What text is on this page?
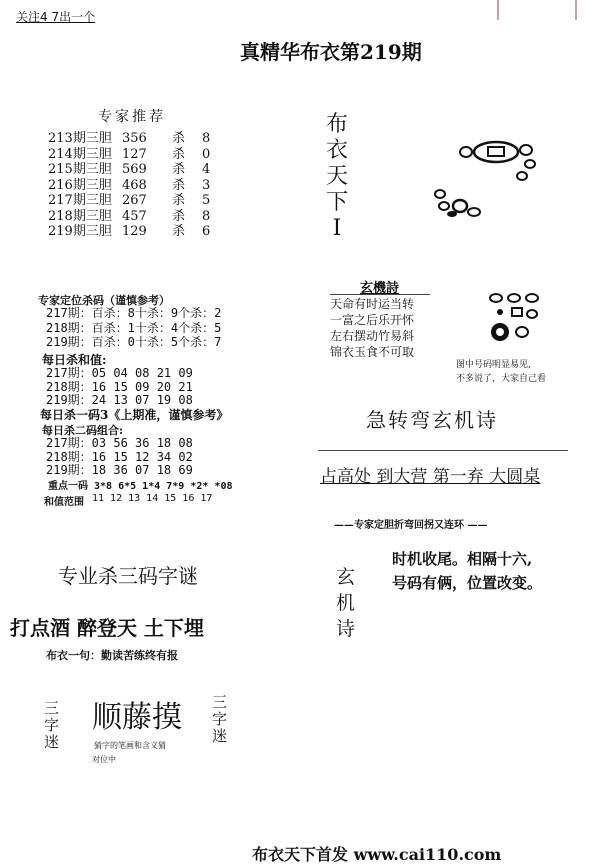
关注4 7出一个
真精华布衣第219期
专家推荐
213期三胆 356 杀 8
214期三胆 127 杀 0
215期三胆 569 杀 4
216期三胆 468 杀 3
217期三胆 267 杀 5
218期三胆 457 杀 8
219期三胆 129 杀 6
专家定位杀码（谨慎参考）
217期：百杀：8十杀：9个杀：2
218期：百杀：1十杀：4个杀：5
219期：百杀：0十杀：5个杀：7
每日杀和值:
217期：05 04 08 21 09
218期：16 15 09 20 21
219期：24 13 07 19 08
每日杀一码3《上期准，谨慎参考》
每日杀二码组合:
217期：03 56 36 18 08
218期：16 15 12 34 02
219期：18 36 07 18 69
重点一码 3*8 6*5 1*4 7*9 *2* *08
和值范围 11 12 13 14 15 16 17
专业杀三码字谜
打点酒 醉登天 土下埋
布衣一句：勤读苦练终有报
三
字
迷
顺藤摸
猜字的笔画和含义猜
对位中
三
字
迷
布
衣
天
下
I
玄機詩
天命有时运当转
一富之后乐开怀
左右摆动竹易斜
锦衣玉食不可取
图中号码明显易见,
不多说了，大家自己看
急转弯玄机诗
占高处 到大营 第一弃 大圆桌
——专家定胆折弯回拐又连环 ——
玄
机
诗
时机收尾。相隔十六,
号码有俩，位置改变。
布衣天下首发 www.cai110.com
